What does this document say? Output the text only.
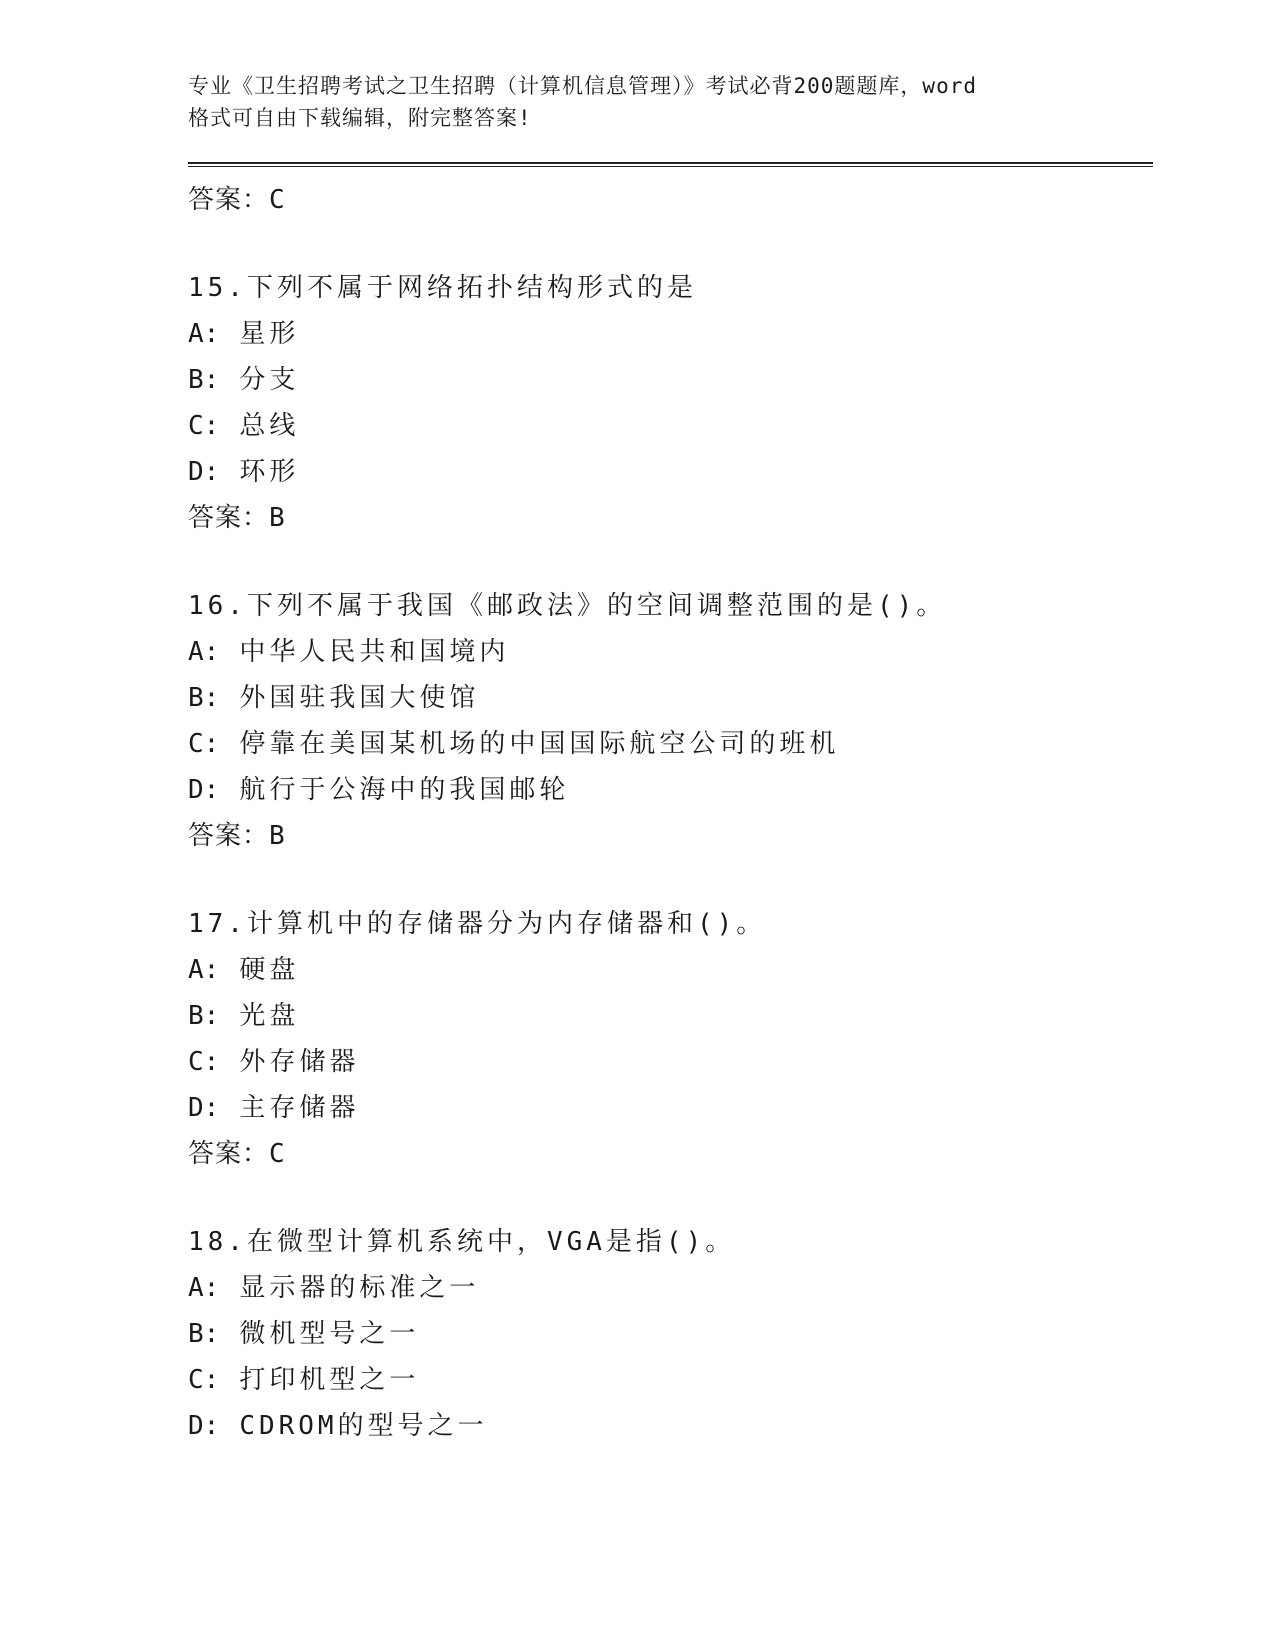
专业《卫生招聘考试之卫生招聘（计算机信息管理）》考试必背200题题库，word
格式可自由下载编辑，附完整答案!

答案： C
15.下列不属于网络拓扑结构形式的是
A: 星形
B: 分支
C: 总线
D: 环形
答案： B
16.下列不属于我国《邮政法》的空间调整范围的是()。
A: 中华人民共和国境内
B: 外国驻我国大使馆
C: 停靠在美国某机场的中国国际航空公司的班机
D: 航行于公海中的我国邮轮
答案： B
17.计算机中的存储器分为内存储器和()。
A: 硬盘
B: 光盘
C: 外存储器
D: 主存储器
答案： C
18.在微型计算机系统中，VGA是指()。
A: 显示器的标准之一
B: 微机型号之一
C: 打印机型之一
D: CDROM的型号之一
